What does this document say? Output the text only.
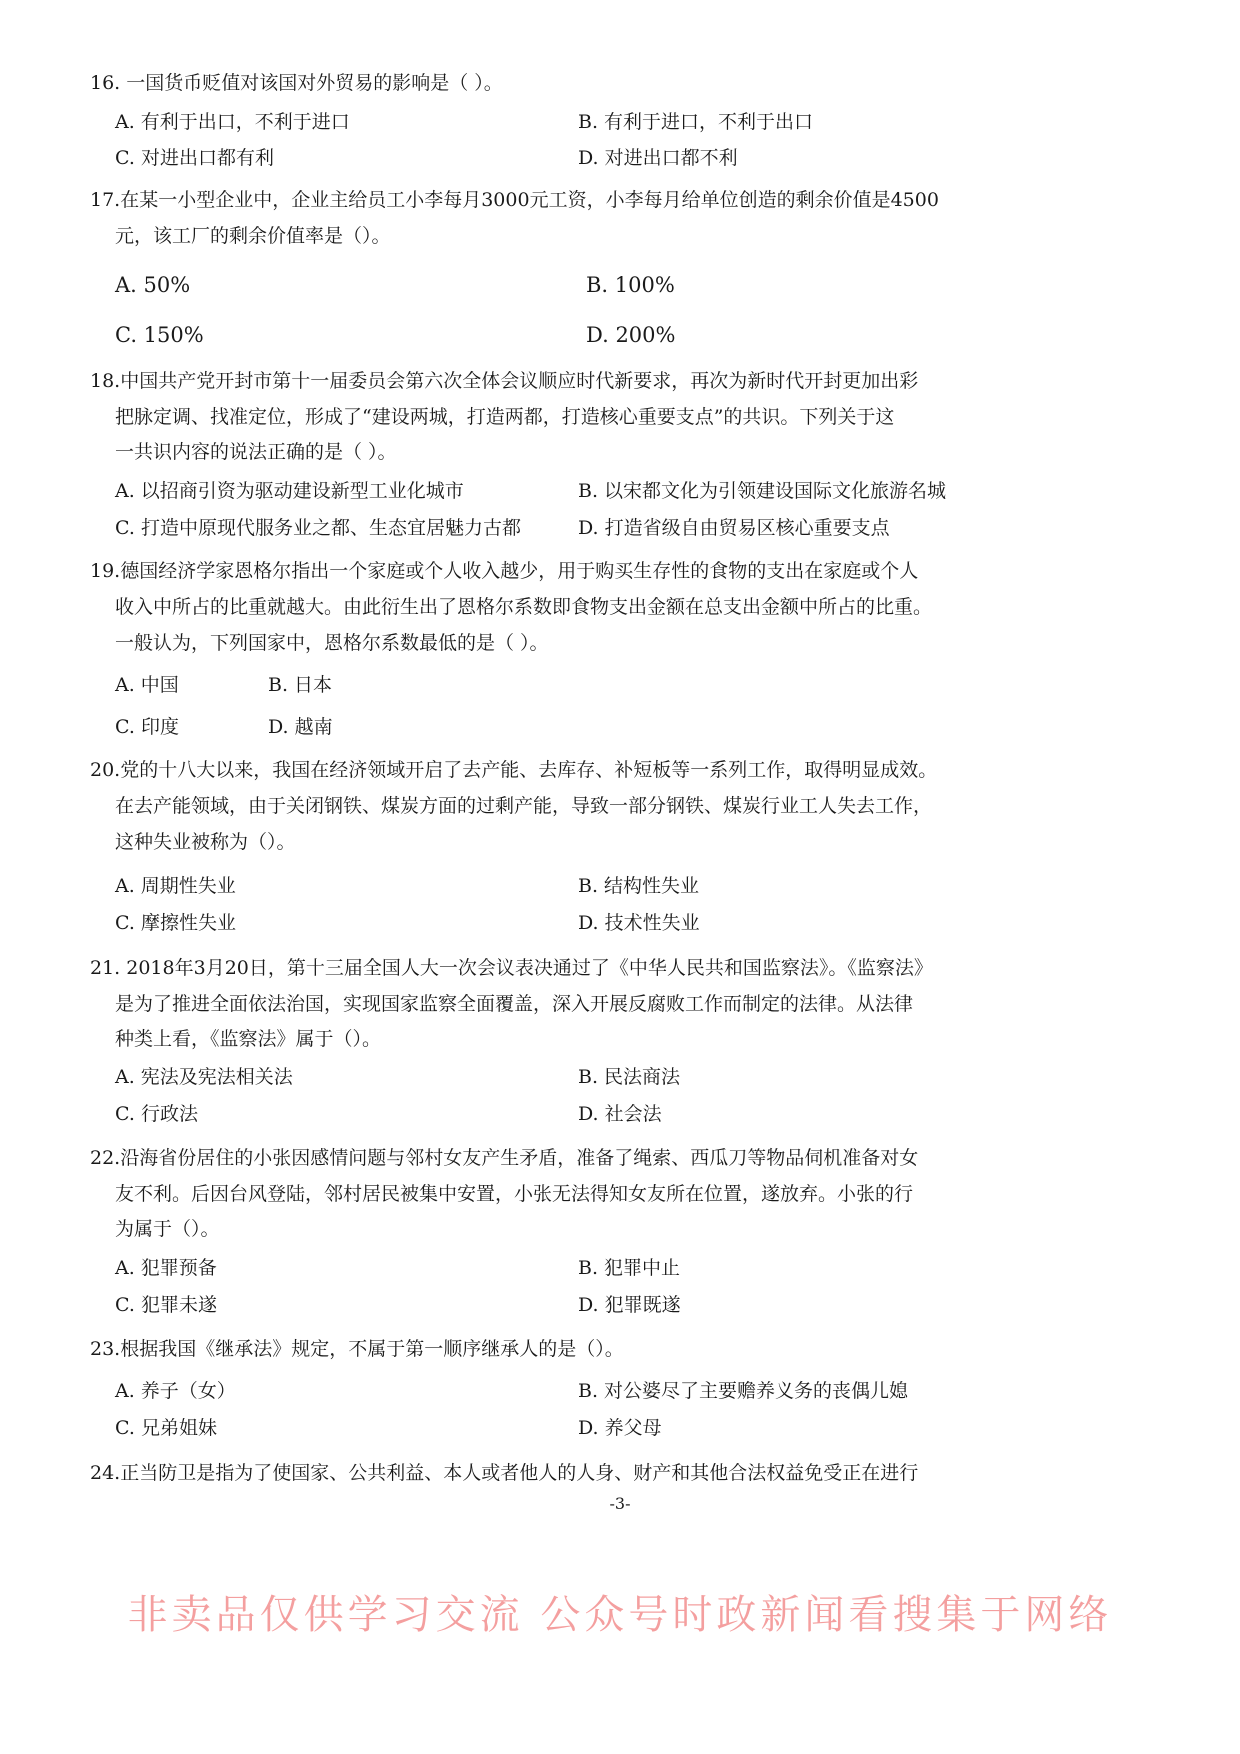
16. 一国货币贬值对该国对外贸易的影响是（ ）。
A. 有利于出口，不利于进口	B. 有利于进口，不利于出口
C. 对进出口都有利	D. 对进出口都不利
17.在某一小型企业中，企业主给员工小李每月3000元工资，小李每月给单位创造的剩余价值是4500
元，该工厂的剩余价值率是（）。
A. 50%	B. 100%
C. 150%	D. 200%
18.中国共产党开封市第十一届委员会第六次全体会议顺应时代新要求，再次为新时代开封更加出彩
把脉定调、找准定位，形成了“建设两城，打造两都，打造核心重要支点”的共识。下列关于这
一共识内容的说法正确的是（ ）。
A. 以招商引资为驱动建设新型工业化城市	B. 以宋都文化为引领建设国际文化旅游名城
C. 打造中原现代服务业之都、生态宜居魅力古都	D. 打造省级自由贸易区核心重要支点
19.德国经济学家恩格尔指出一个家庭或个人收入越少，用于购买生存性的食物的支出在家庭或个人
收入中所占的比重就越大。由此衍生出了恩格尔系数即食物支出金额在总支出金额中所占的比重。
一般认为，下列国家中，恩格尔系数最低的是（ ）。
A. 中国	B. 日本
C. 印度	D. 越南
20.党的十八大以来，我国在经济领域开启了去产能、去库存、补短板等一系列工作，取得明显成效。
在去产能领域，由于关闭钢铁、煤炭方面的过剩产能，导致一部分钢铁、煤炭行业工人失去工作，
这种失业被称为（）。
A. 周期性失业	B. 结构性失业
C. 摩擦性失业	D. 技术性失业
21. 2018年3月20日，第十三届全国人大一次会议表决通过了《中华人民共和国监察法》。《监察法》
是为了推进全面依法治国，实现国家监察全面覆盖，深入开展反腐败工作而制定的法律。从法律
种类上看，《监察法》属于（）。
A. 宪法及宪法相关法	B. 民法商法
C. 行政法	D. 社会法
22.沿海省份居住的小张因感情问题与邻村女友产生矛盾，准备了绳索、西瓜刀等物品伺机准备对女
友不利。后因台风登陆，邻村居民被集中安置，小张无法得知女友所在位置，遂放弃。小张的行
为属于（）。
A. 犯罪预备	B. 犯罪中止
C. 犯罪未遂	D. 犯罪既遂
23.根据我国《继承法》规定，不属于第一顺序继承人的是（）。
A. 养子（女）	B. 对公婆尽了主要赡养义务的丧偶儿媳
C. 兄弟姐妹	D. 养父母
24.正当防卫是指为了使国家、公共利益、本人或者他人的人身、财产和其他合法权益免受正在进行
-3-
非卖品仅供学习交流 公众号时政新闻看搜集于网络
